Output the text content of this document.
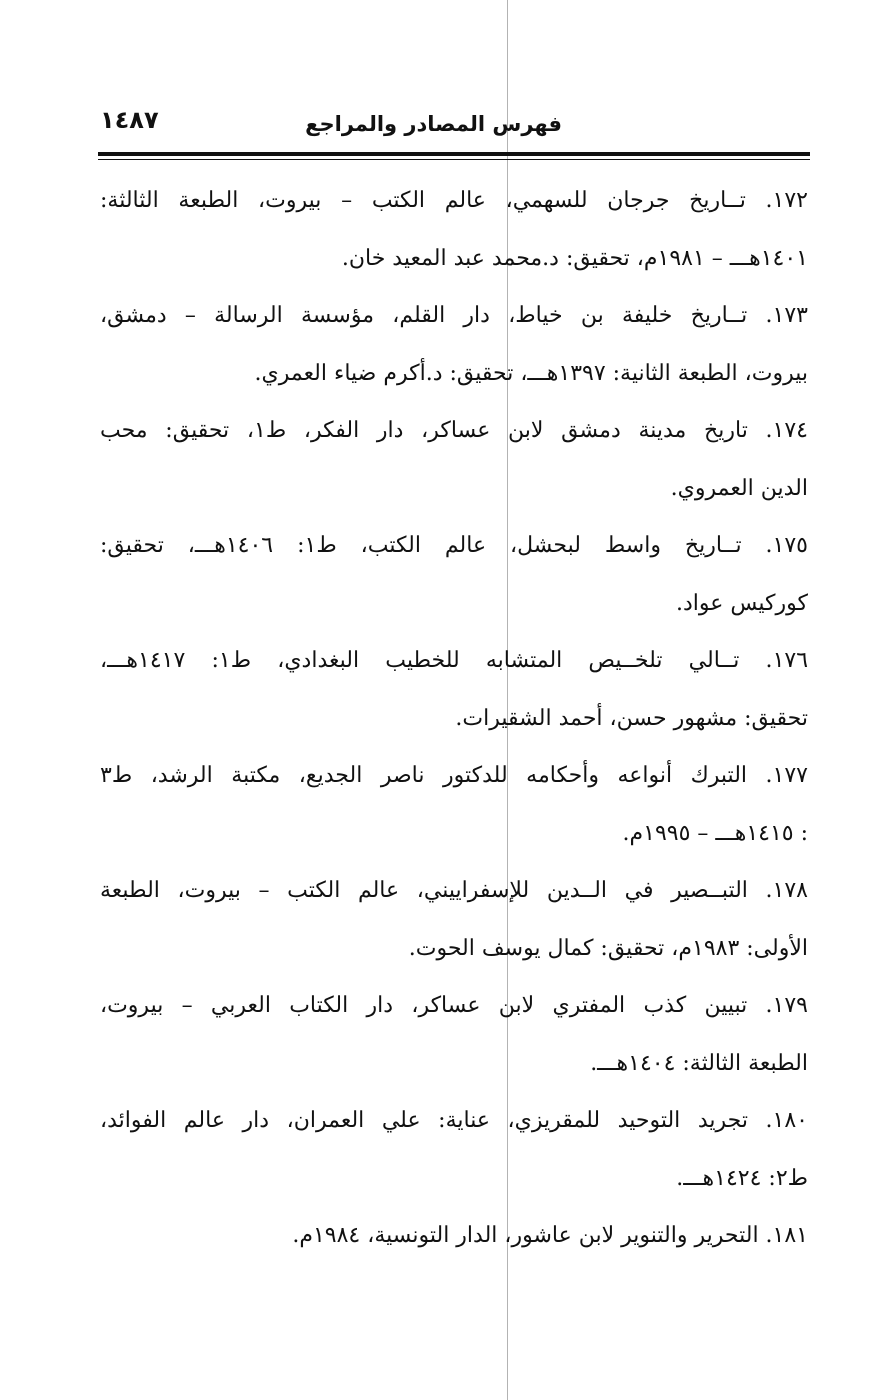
فهرس المصادر والمراجع
١٤٨٧
١٧٢. تــاريخ جرجان للسهمي، عالم الكتب – بيروت، الطبعة الثالثة:
١٤٠١هـــ – ١٩٨١م، تحقيق: د.محمد عبد المعيد خان.
١٧٣. تــاريخ خليفة بن خياط، دار القلم، مؤسسة الرسالة – دمشق،
بيروت، الطبعة الثانية: ١٣٩٧هـــ، تحقيق: د.أكرم ضياء العمري.
١٧٤. تاريخ مدينة دمشق لابن عساكر، دار الفكر، ط١، تحقيق: محب
الدين العمروي.
١٧٥. تــاريخ واسط لبحشل، عالم الكتب، ط١: ١٤٠٦هـــ، تحقيق:
كوركيس عواد.
١٧٦. تــالي تلخــيص المتشابه للخطيب البغدادي، ط١: ١٤١٧هـــ،
تحقيق: مشهور حسن، أحمد الشقيرات.
١٧٧. التبرك أنواعه وأحكامه للدكتور ناصر الجديع، مكتبة الرشد، ط٣
: ١٤١٥هـــ – ١٩٩٥م.
١٧٨. التبــصير في الــدين للإسفراييني، عالم الكتب – بيروت، الطبعة
الأولى: ١٩٨٣م، تحقيق: كمال يوسف الحوت.
١٧٩. تبيين كذب المفتري لابن عساكر، دار الكتاب العربي – بيروت،
الطبعة الثالثة: ١٤٠٤هـــ.
١٨٠. تجريد التوحيد للمقريزي، عناية: علي العمران، دار عالم الفوائد،
ط٢: ١٤٢٤هـــ.
١٨١. التحرير والتنوير لابن عاشور، الدار التونسية، ١٩٨٤م.
